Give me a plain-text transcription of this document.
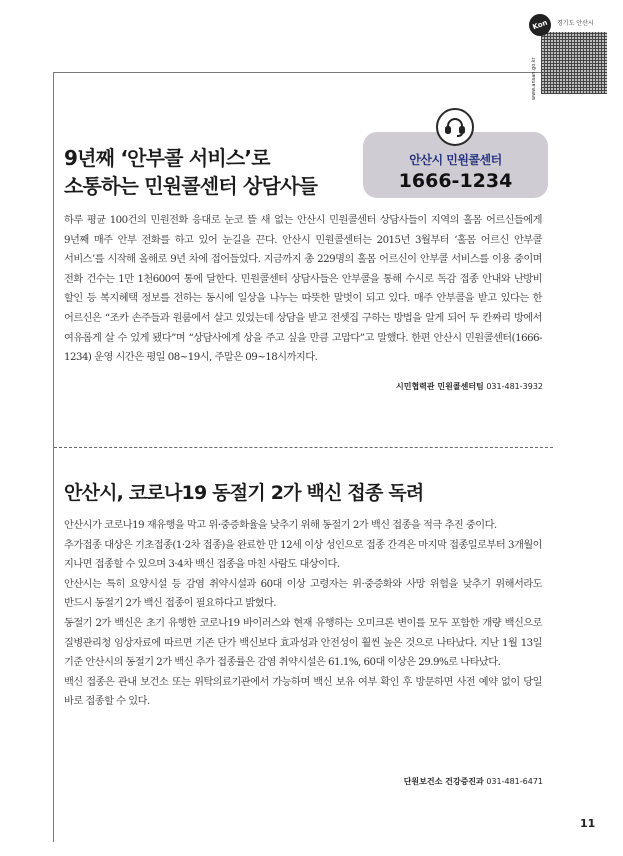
Kon	경기도 안산시
www.ansan.go.kr
9년째 ‘안부콜 서비스’로
소통하는 민원콜센터 상담사들
안산시 민원콜센터
1666-1234
하루 평균 100건의 민원전화 응대로 눈코 뜰 새 없는 안산시 민원콜센터 상담사들이 지역의 홀몸 어르신들에게 9년째 매주 안부 전화를 하고 있어 눈길을 끈다. 안산시 민원콜센터는 2015년 3월부터 ‘홀몸 어르신 안부콜 서비스’를 시작해 올해로 9년 차에 접어들었다. 지금까지 총 229명의 홀몸 어르신이 안부콜 서비스를 이용 중이며 전화 건수는 1만 1천600여 통에 달한다. 민원콜센터 상담사들은 안부콜을 통해 수시로 독감 접종 안내와 난방비 할인 등 복지혜택 정보를 전하는 동시에 일상을 나누는 따뜻한 말벗이 되고 있다. 매주 안부콜을 받고 있다는 한 어르신은 “조카 손주들과 원룸에서 살고 있었는데 상담을 받고 전셋집 구하는 방법을 알게 되어 두 칸짜리 방에서 여유롭게 살 수 있게 됐다”며 “상담사에게 상을 주고 싶을 만큼 고맙다”고 말했다. 한편 안산시 민원콜센터(1666-1234) 운영 시간은 평일 08~19시, 주말은 09~18시까지다.
시민협력관 민원콜센터팀 031-481-3932
안산시, 코로나19 동절기 2가 백신 접종 독려

안산시가 코로나19 재유행을 막고 위·중증화율을 낮추기 위해 동절기 2가 백신 접종을 적극 추진 중이다.

추가접종 대상은 기초접종(1·2차 접종)을 완료한 만 12세 이상 성인으로 접종 간격은 마지막 접종일로부터 3개월이 지나면 접종할 수 있으며 3·4차 백신 접종을 마친 사람도 대상이다.

안산시는 특히 요양시설 등 감염 취약시설과 60대 이상 고령자는 위·중증화와 사망 위험을 낮추기 위해서라도 반드시 동절기 2가 백신 접종이 필요하다고 밝혔다.

동절기 2가 백신은 초기 유행한 코로나19 바이러스와 현재 유행하는 오미크론 변이를 모두 포함한 개량 백신으로 질병관리청 임상자료에 따르면 기존 단가 백신보다 효과성과 안전성이 훨씬 높은 것으로 나타났다. 지난 1월 13일 기준 안산시의 동절기 2가 백신 추가 접종률은 감염 취약시설은 61.1%, 60대 이상은 29.9%로 나타났다.

백신 접종은 관내 보건소 또는 위탁의료기관에서 가능하며 백신 보유 여부 확인 후 방문하면 사전 예약 없이 당일 바로 접종할 수 있다.

단원보건소 건강증진과 031-481-6471
11
